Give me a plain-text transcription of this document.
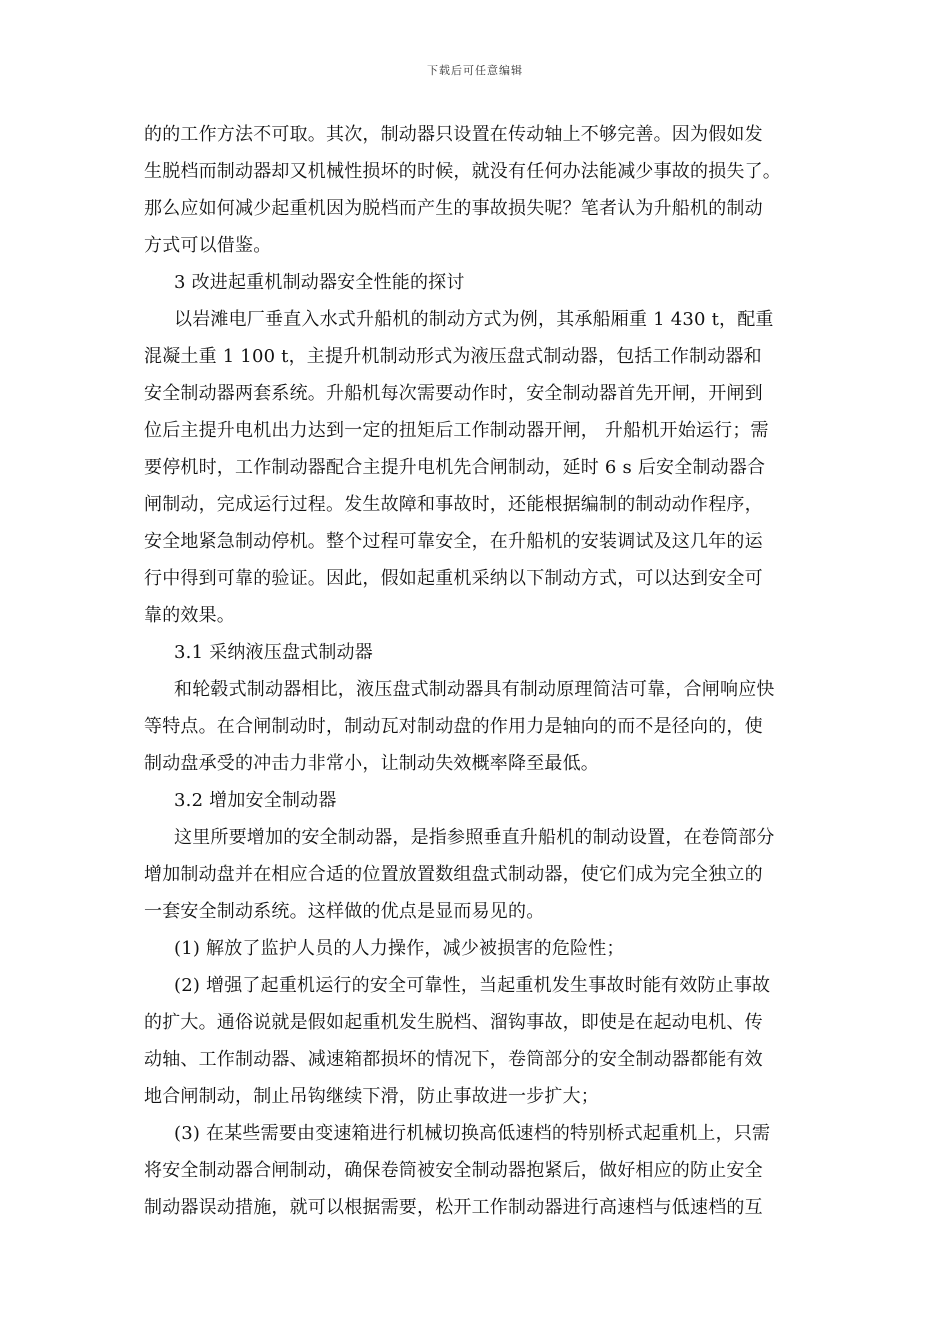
下载后可任意编辑
的的工作方法不可取。其次，制动器只设置在传动轴上不够完善。因为假如发
生脱档而制动器却又机械性损坏的时候，就没有任何办法能减少事故的损失了。
那么应如何减少起重机因为脱档而产生的事故损失呢？笔者认为升船机的制动
方式可以借鉴。
3 改进起重机制动器安全性能的探讨
以岩滩电厂垂直入水式升船机的制动方式为例，其承船厢重 1 430 t，配重
混凝土重 1 100 t，主提升机制动形式为液压盘式制动器，包括工作制动器和
安全制动器两套系统。升船机每次需要动作时，安全制动器首先开闸，开闸到
位后主提升电机出力达到一定的扭矩后工作制动器开闸， 升船机开始运行；需
要停机时，工作制动器配合主提升电机先合闸制动，延时 6 s 后安全制动器合
闸制动，完成运行过程。发生故障和事故时，还能根据编制的制动动作程序，
安全地紧急制动停机。整个过程可靠安全，在升船机的安装调试及这几年的运
行中得到可靠的验证。因此，假如起重机采纳以下制动方式，可以达到安全可
靠的效果。
3.1 采纳液压盘式制动器
和轮毂式制动器相比，液压盘式制动器具有制动原理简洁可靠，合闸响应快
等特点。在合闸制动时，制动瓦对制动盘的作用力是轴向的而不是径向的，使
制动盘承受的冲击力非常小，让制动失效概率降至最低。
3.2 增加安全制动器
这里所要增加的安全制动器，是指参照垂直升船机的制动设置，在卷筒部分
增加制动盘并在相应合适的位置放置数组盘式制动器，使它们成为完全独立的
一套安全制动系统。这样做的优点是显而易见的。
(1) 解放了监护人员的人力操作，减少被损害的危险性；
(2) 增强了起重机运行的安全可靠性，当起重机发生事故时能有效防止事故
的扩大。通俗说就是假如起重机发生脱档、溜钩事故，即使是在起动电机、传
动轴、工作制动器、减速箱都损坏的情况下，卷筒部分的安全制动器都能有效
地合闸制动，制止吊钩继续下滑，防止事故进一步扩大；
(3) 在某些需要由变速箱进行机械切换高低速档的特别桥式起重机上，只需
将安全制动器合闸制动，确保卷筒被安全制动器抱紧后，做好相应的防止安全
制动器误动措施，就可以根据需要，松开工作制动器进行高速档与低速档的互
